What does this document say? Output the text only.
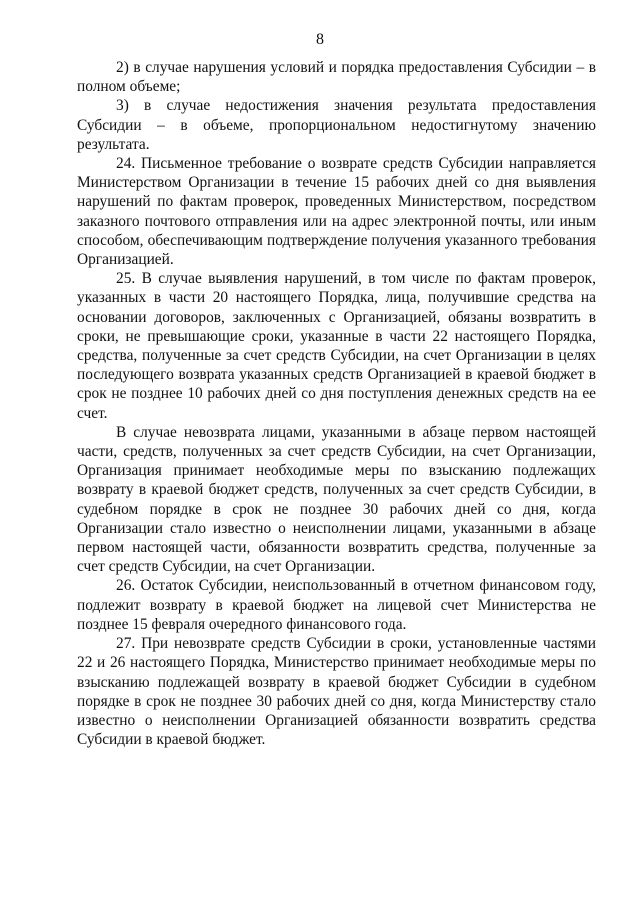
8

2) в случае нарушения условий и порядка предоставления Субсидии – в полном объеме;

3) в случае недостижения значения результата предоставления Субсидии – в объеме, пропорциональном недостигнутому значению результата.

24. Письменное требование о возврате средств Субсидии направляется Министерством Организации в течение 15 рабочих дней со дня выявления нарушений по фактам проверок, проведенных Министерством, посредством заказного почтового отправления или на адрес электронной почты, или иным способом, обеспечивающим подтверждение получения указанного требования Организацией.

25. В случае выявления нарушений, в том числе по фактам проверок, указанных в части 20 настоящего Порядка, лица, получившие средства на основании договоров, заключенных с Организацией, обязаны возвратить в сроки, не превышающие сроки, указанные в части 22 настоящего Порядка, средства, полученные за счет средств Субсидии, на счет Организации в целях последующего возврата указанных средств Организацией в краевой бюджет в срок не позднее 10 рабочих дней со дня поступления денежных средств на ее счет.

В случае невозврата лицами, указанными в абзаце первом настоящей части, средств, полученных за счет средств Субсидии, на счет Организации, Организация принимает необходимые меры по взысканию подлежащих возврату в краевой бюджет средств, полученных за счет средств Субсидии, в судебном порядке в срок не позднее 30 рабочих дней со дня, когда Организации стало известно о неисполнении лицами, указанными в абзаце первом настоящей части, обязанности возвратить средства, полученные за счет средств Субсидии, на счет Организации.

26. Остаток Субсидии, неиспользованный в отчетном финансовом году, подлежит возврату в краевой бюджет на лицевой счет Министерства не позднее 15 февраля очередного финансового года.

27. При невозврате средств Субсидии в сроки, установленные частями 22 и 26 настоящего Порядка, Министерство принимает необходимые меры по взысканию подлежащей возврату в краевой бюджет Субсидии в судебном порядке в срок не позднее 30 рабочих дней со дня, когда Министерству стало известно о неисполнении Организацией обязанности возвратить средства Субсидии в краевой бюджет.
